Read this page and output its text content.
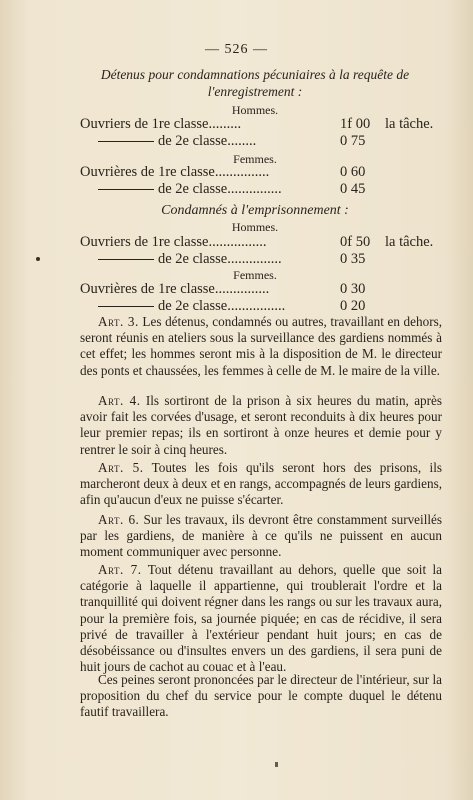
— 526 —
Détenus pour condamnations pécuniaires à la requête de l'enregistrement :
Hommes.
Ouvriers de 1re classe.........	1f 00 la tâche.
de 2e classe........	0 75
Femmes.
Ouvrières de 1re classe...............	0 60
de 2e classe...............	0 45
Condamnés à l'emprisonnement :
Hommes.
Ouvriers de 1re classe................	0f 50 la tâche.
de 2e classe...............	0 35
Femmes.
Ouvrières de 1re classe...............	0 30
de 2e classe................	0 20
Art. 3. Les détenus, condamnés ou autres, travaillant en dehors, seront réunis en ateliers sous la surveillance des gardiens nommés à cet effet; les hommes seront mis à la disposition de M. le directeur des ponts et chaussées, les femmes à celle de M. le maire de la ville.
Art. 4. Ils sortiront de la prison à six heures du matin, après avoir fait les corvées d'usage, et seront reconduits à dix heures pour leur premier repas; ils en sortiront à onze heures et demie pour y rentrer le soir à cinq heures.
Art. 5. Toutes les fois qu'ils seront hors des prisons, ils marcheront deux à deux et en rangs, accompagnés de leurs gardiens, afin qu'aucun d'eux ne puisse s'écarter.
Art. 6. Sur les travaux, ils devront être constamment surveillés par les gardiens, de manière à ce qu'ils ne puissent en aucun moment communiquer avec personne.
Art. 7. Tout détenu travaillant au dehors, quelle que soit la catégorie à laquelle il appartienne, qui troublerait l'ordre et la tranquillité qui doivent régner dans les rangs ou sur les travaux aura, pour la première fois, sa journée piquée; en cas de récidive, il sera privé de travailler à l'extérieur pendant huit jours; en cas de désobéissance ou d'insultes envers un des gardiens, il sera puni de huit jours de cachot au couac et à l'eau.
Ces peines seront prononcées par le directeur de l'intérieur, sur la proposition du chef du service pour le compte duquel le détenu fautif travaillera.
